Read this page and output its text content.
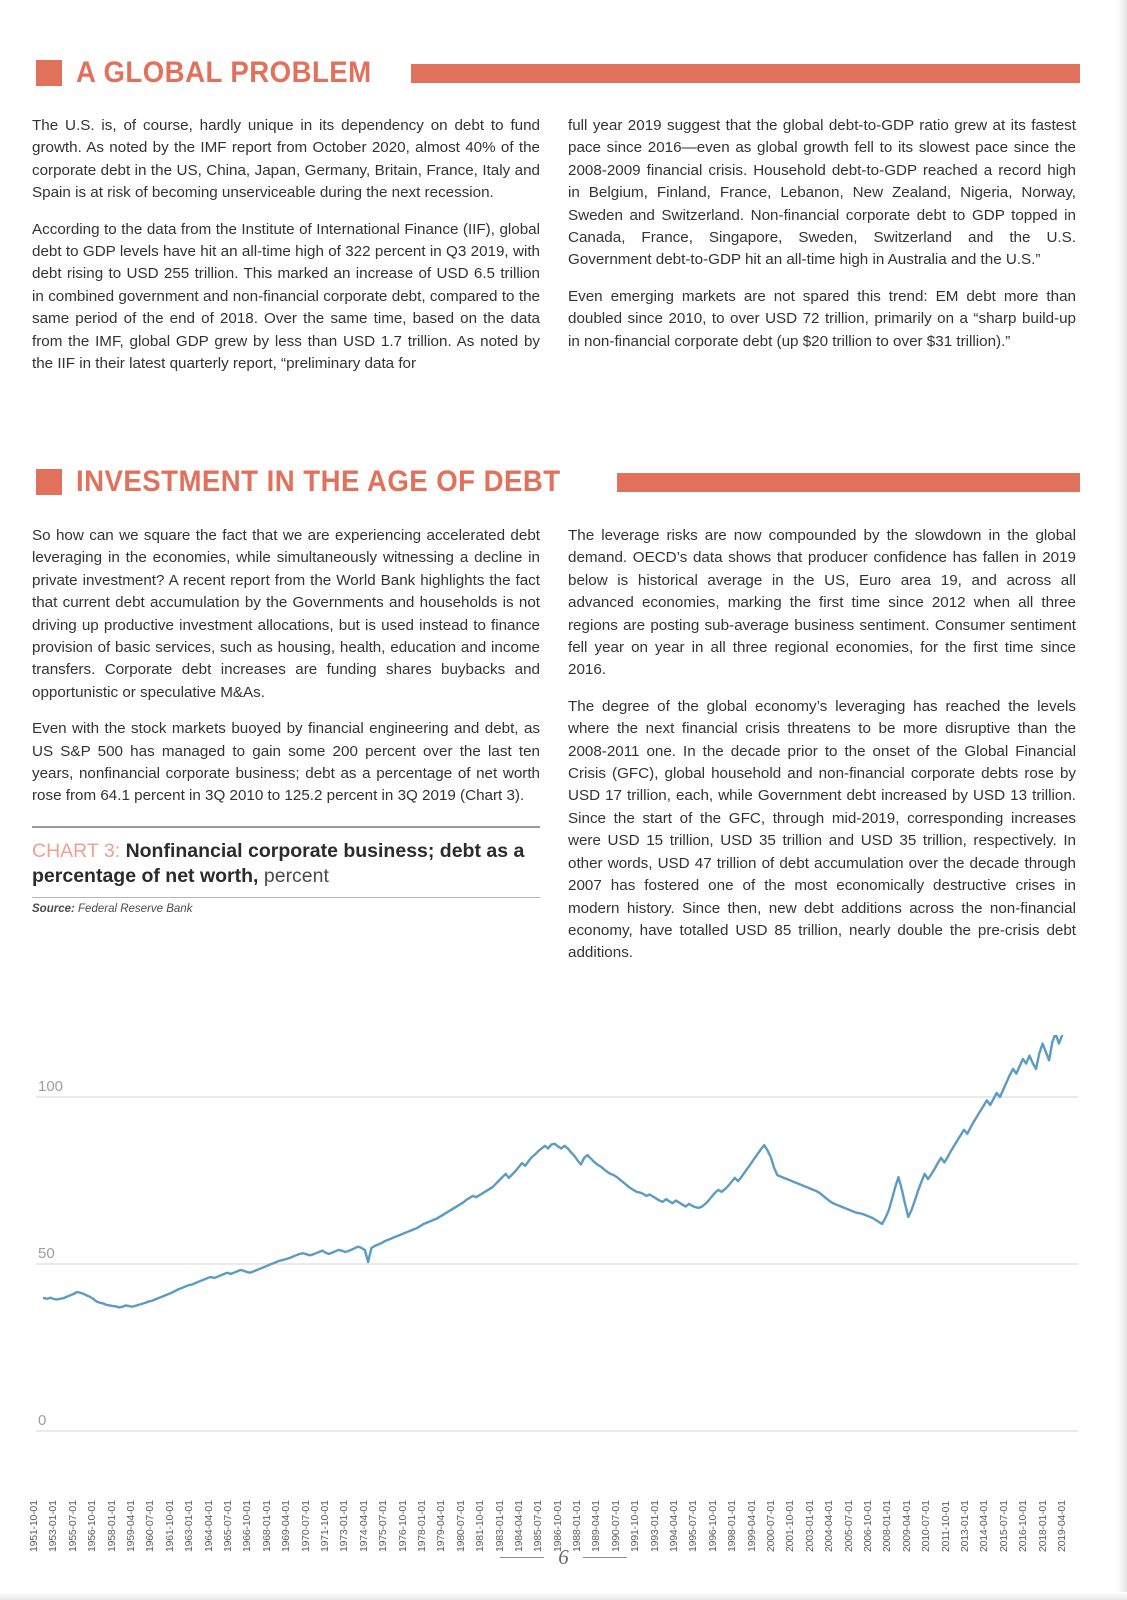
A GLOBAL PROBLEM

The U.S. is, of course, hardly unique in its dependency on debt to fund growth. As noted by the IMF report from October 2020, almost 40% of the corporate debt in the US, China, Japan, Germany, Britain, France, Italy and Spain is at risk of becoming unserviceable during the next recession.

According to the data from the Institute of International Finance (IIF), global debt to GDP levels have hit an all-time high of 322 percent in Q3 2019, with debt rising to USD 255 trillion. This marked an increase of USD 6.5 trillion in combined government and non-financial corporate debt, compared to the same period of the end of 2018. Over the same time, based on the data from the IMF, global GDP grew by less than USD 1.7 trillion. As noted by the IIF in their latest quarterly report, “preliminary data for

full year 2019 suggest that the global debt-to-GDP ratio grew at its fastest pace since 2016—even as global growth fell to its slowest pace since the 2008-2009 financial crisis. Household debt-to-GDP reached a record high in Belgium, Finland, France, Lebanon, New Zealand, Nigeria, Norway, Sweden and Switzerland. Non-financial corporate debt to GDP topped in Canada, France, Singapore, Sweden, Switzerland and the U.S. Government debt-to-GDP hit an all-time high in Australia and the U.S.”

Even emerging markets are not spared this trend: EM debt more than doubled since 2010, to over USD 72 trillion, primarily on a “sharp build-up in non-financial corporate debt (up $20 trillion to over $31 trillion).”

INVESTMENT IN THE AGE OF DEBT

So how can we square the fact that we are experiencing accelerated debt leveraging in the economies, while simultaneously witnessing a decline in private investment? A recent report from the World Bank highlights the fact that current debt accumulation by the Governments and households is not driving up productive investment allocations, but is used instead to finance provision of basic services, such as housing, health, education and income transfers. Corporate debt increases are funding shares buybacks and opportunistic or speculative M&As.

Even with the stock markets buoyed by financial engineering and debt, as US S&P 500 has managed to gain some 200 percent over the last ten years, nonfinancial corporate business; debt as a percentage of net worth rose from 64.1 percent in 3Q 2010 to 125.2 percent in 3Q 2019 (Chart 3).

CHART 3: Nonfinancial corporate business; debt as a percentage of net worth, percent
Source: Federal Reserve Bank

The leverage risks are now compounded by the slowdown in the global demand. OECD’s data shows that producer confidence has fallen in 2019 below is historical average in the US, Euro area 19, and across all advanced economies, marking the first time since 2012 when all three regions are posting sub-average business sentiment. Consumer sentiment fell year on year in all three regional economies, for the first time since 2016.

The degree of the global economy’s leveraging has reached the levels where the next financial crisis threatens to be more disruptive than the 2008-2011 one. In the decade prior to the onset of the Global Financial Crisis (GFC), global household and non-financial corporate debts rose by USD 17 trillion, each, while Government debt increased by USD 13 trillion. Since the start of the GFC, through mid-2019, corresponding increases were USD 15 trillion, USD 35 trillion and USD 35 trillion, respectively. In other words, USD 47 trillion of debt accumulation over the decade through 2007 has fostered one of the most economically destructive crises in modern history. Since then, new debt additions across the non-financial economy, have totalled USD 85 trillion, nearly double the pre-crisis debt additions.

0
50
100
1951-10-01 1953-01-01 1955-07-01 1956-10-01 1958-01-01 1959-04-01 1960-07-01 1961-10-01 1963-01-01 1964-04-01 1965-07-01 1966-10-01 1968-01-01 1969-04-01 1970-07-01 1971-10-01 1973-01-01 1974-04-01 1975-07-01 1976-10-01 1978-01-01 1979-04-01 1980-07-01 1981-10-01 1983-01-01 1984-04-01 1985-07-01 1986-10-01 1988-01-01 1989-04-01 1990-07-01 1991-10-01 1993-01-01 1994-04-01 1995-07-01 1996-10-01 1998-01-01 1999-04-01 2000-07-01 2001-10-01 2003-01-01 2004-04-01 2005-07-01 2006-10-01 2008-01-01 2009-04-01 2010-07-01 2011-10-01 2013-01-01 2014-04-01 2015-07-01 2016-10-01 2018-01-01 2019-04-01
6
